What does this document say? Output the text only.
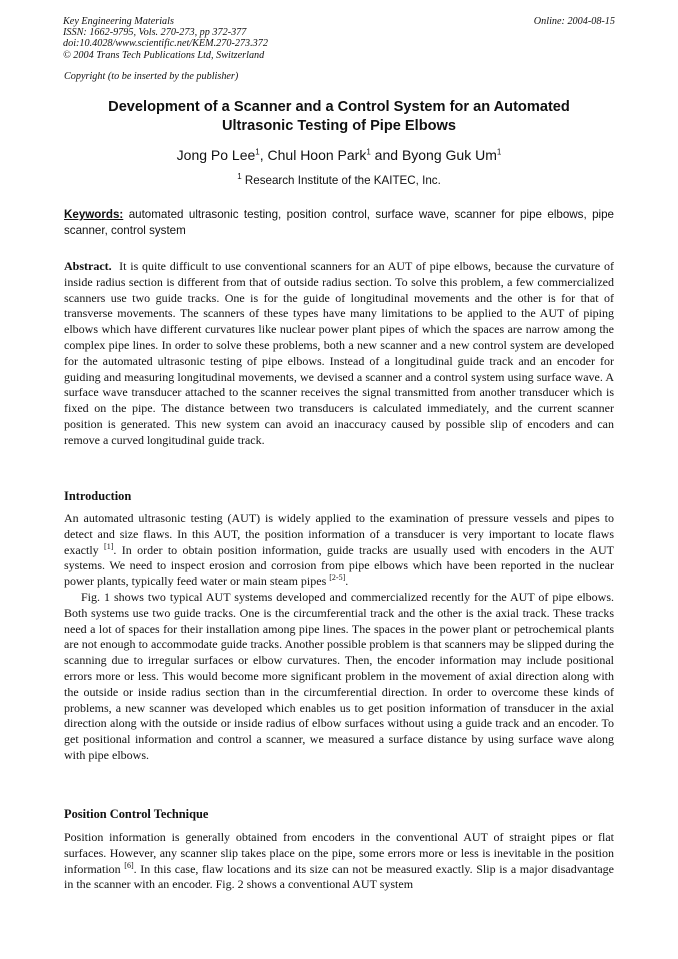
Key Engineering Materials
ISSN: 1662-9795, Vols. 270-273, pp 372-377
doi:10.4028/www.scientific.net/KEM.270-273.372
© 2004 Trans Tech Publications Ltd, Switzerland
Online: 2004-08-15
Copyright (to be inserted by the publisher)
Development of a Scanner and a Control System for an Automated
Ultrasonic Testing of Pipe Elbows
Jong Po Lee$^1$, Chul Hoon Park$^1$ and Byong Guk Um$^1$
$^1$ Research Institute of the KAITEC, Inc.
Keywords: automated ultrasonic testing, position control, surface wave, scanner for pipe elbows, pipe scanner, control system

Abstract. It is quite difficult to use conventional scanners for an AUT of pipe elbows, because the curvature of inside radius section is different from that of outside radius section. To solve this problem, a few commercialized scanners use two guide tracks. One is for the guide of longitudinal movements and the other is for that of transverse movements. The scanners of these types have many limitations to be applied to the AUT of piping elbows which have different curvatures like nuclear power plant pipes of which the spaces are narrow among the complex pipe lines. In order to solve these problems, both a new scanner and a new control system are developed for the automated ultrasonic testing of pipe elbows. Instead of a longitudinal guide track and an encoder for guiding and measuring longitudinal movements, we devised a scanner and a control system using surface wave. A surface wave transducer attached to the scanner receives the signal transmitted from another transducer which is fixed on the pipe. The distance between two transducers is calculated immediately, and the current scanner position is generated. This new system can avoid an inaccuracy caused by possible slip of encoders and can remove a curved longitudinal guide track.

Introduction

An automated ultrasonic testing (AUT) is widely applied to the examination of pressure vessels and pipes to detect and size flaws. In this AUT, the position information of a transducer is very important to locate flaws exactly [1]. In order to obtain position information, guide tracks are usually used with encoders in the AUT systems. We need to inspect erosion and corrosion from pipe elbows which have been reported in the nuclear power plants, typically feed water or main steam pipes [2-5].

Fig. 1 shows two typical AUT systems developed and commercialized recently for the AUT of pipe elbows. Both systems use two guide tracks. One is the circumferential track and the other is the axial track. These tracks need a lot of spaces for their installation among pipe lines. The spaces in the power plant or petrochemical plants are not enough to accommodate guide tracks. Another possible problem is that scanners may be slipped during the scanning due to irregular surfaces or elbow curvatures. Then, the encoder information may include positional errors more or less. This would become more significant problem in the movement of axial direction along with the outside or inside radius section than in the circumferential direction. In order to overcome these kinds of problems, a new scanner was developed which enables us to get position information of transducer in the axial direction along with the outside or inside radius of elbow surfaces without using a guide track and an encoder. To get positional information and control a scanner, we measured a surface distance by using surface wave along with pipe elbows.

Position Control Technique

Position information is generally obtained from encoders in the conventional AUT of straight pipes or flat surfaces. However, any scanner slip takes place on the pipe, some errors more or less is inevitable in the position information [6]. In this case, flaw locations and its size can not be measured exactly. Slip is a major disadvantage in the scanner with an encoder. Fig. 2 shows a conventional AUT system
